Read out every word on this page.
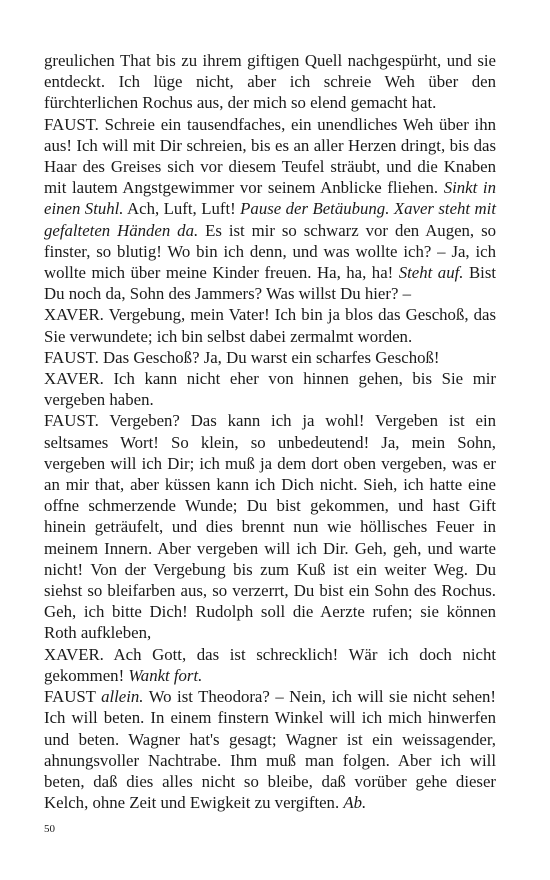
greulichen That bis zu ihrem giftigen Quell nachgespürht, und sie entdeckt. Ich lüge nicht, aber ich schreie Weh über den fürchterlichen Rochus aus, der mich so elend gemacht hat.

FAUST. Schreie ein tausendfaches, ein unendliches Weh über ihn aus! Ich will mit Dir schreien, bis es an aller Herzen dringt, bis das Haar des Greises sich vor diesem Teufel sträubt, und die Knaben mit lautem Angstgewimmer vor seinem Anblicke fliehen. Sinkt in einen Stuhl. Ach, Luft, Luft! Pause der Betäubung. Xaver steht mit gefalteten Händen da. Es ist mir so schwarz vor den Augen, so finster, so blutig! Wo bin ich denn, und was wollte ich? – Ja, ich wollte mich über meine Kinder freuen. Ha, ha, ha! Steht auf. Bist Du noch da, Sohn des Jammers? Was willst Du hier? –

XAVER. Vergebung, mein Vater! Ich bin ja blos das Geschoß, das Sie verwundete; ich bin selbst dabei zermalmt worden.

FAUST. Das Geschoß? Ja, Du warst ein scharfes Geschoß!

XAVER. Ich kann nicht eher von hinnen gehen, bis Sie mir vergeben haben.

FAUST. Vergeben? Das kann ich ja wohl! Vergeben ist ein seltsames Wort! So klein, so unbedeutend! Ja, mein Sohn, vergeben will ich Dir; ich muß ja dem dort oben vergeben, was er an mir that, aber küssen kann ich Dich nicht. Sieh, ich hatte eine offne schmerzende Wunde; Du bist gekommen, und hast Gift hinein geträufelt, und dies brennt nun wie höllisches Feuer in meinem Innern. Aber vergeben will ich Dir. Geh, geh, und warte nicht! Von der Vergebung bis zum Kuß ist ein weiter Weg. Du siehst so bleifarben aus, so verzerrt, Du bist ein Sohn des Rochus. Geh, ich bitte Dich! Rudolph soll die Aerzte rufen; sie können Roth aufkleben,

XAVER. Ach Gott, das ist schrecklich! Wär ich doch nicht gekommen! Wankt fort.

FAUST allein. Wo ist Theodora? – Nein, ich will sie nicht sehen! Ich will beten. In einem finstern Winkel will ich mich hinwerfen und beten. Wagner hat's gesagt; Wagner ist ein weissagender, ahnungsvoller Nachtrabe. Ihm muß man folgen. Aber ich will beten, daß dies alles nicht so bleibe, daß vorüber gehe dieser Kelch, ohne Zeit und Ewigkeit zu vergiften. Ab.

50
